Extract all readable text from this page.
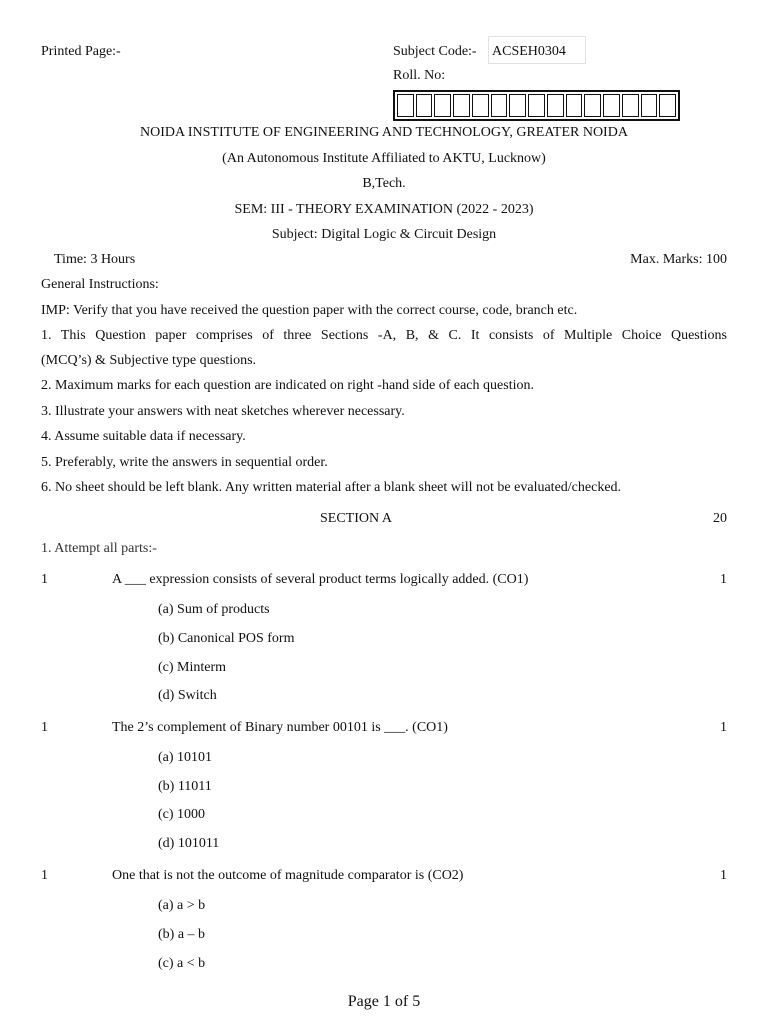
Printed Page:-	Subject Code:- ACSEH0304
Roll. No:
NOIDA INSTITUTE OF ENGINEERING AND TECHNOLOGY, GREATER NOIDA
(An Autonomous Institute Affiliated to AKTU, Lucknow)
B,Tech.
SEM: III - THEORY EXAMINATION (2022 - 2023)
Subject: Digital Logic & Circuit Design
Time: 3 Hours	Max. Marks: 100
General Instructions:
IMP: Verify that you have received the question paper with the correct course, code, branch etc.
1. This Question paper comprises of three Sections -A, B, & C. It consists of Multiple Choice Questions
(MCQ’s) & Subjective type questions.
2. Maximum marks for each question are indicated on right -hand side of each question.
3. Illustrate your answers with neat sketches wherever necessary.
4. Assume suitable data if necessary.
5. Preferably, write the answers in sequential order.
6. No sheet should be left blank. Any written material after a blank sheet will not be evaluated/checked.
SECTION A	20
1. Attempt all parts:-
1	A ___ expression consists of several product terms logically added. (CO1)	1
(a) Sum of products
(b) Canonical POS form
(c) Minterm
(d) Switch
1	The 2’s complement of Binary number 00101 is ___. (CO1)	1
(a) 10101
(b) 11011
(c) 1000
(d) 101011
1	One that is not the outcome of magnitude comparator is (CO2)	1
(a) a > b
(b) a – b
(c) a < b
Page 1 of 5
